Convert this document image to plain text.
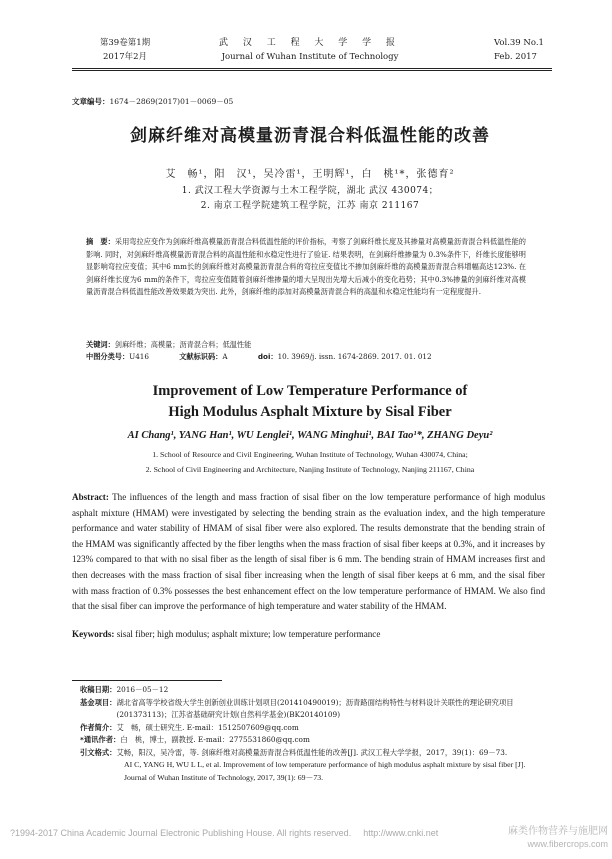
第39卷第1期
2017年2月
武 汉 工 程 大 学 学 报
Journal of Wuhan Institute of Technology
Vol.39 No.1
Feb. 2017
文章编号：1674－2869(2017)01－0069－05
剑麻纤维对高模量沥青混合料低温性能的改善
艾　畅¹，阳　汉¹，吴冷雷¹，王明辉¹，白　桃¹*，张德育²
1. 武汉工程大学资源与土木工程学院，湖北 武汉 430074；
2. 南京工程学院建筑工程学院，江苏 南京 211167
摘　要：采用弯拉应变作为剑麻纤维高模量沥青混合料低温性能的评价指标，考察了剑麻纤维长度及其掺量对高模量沥青混合料低温性能的影响. 同时，对剑麻纤维高模量沥青混合料的高温性能和水稳定性进行了验证. 结果表明，在剑麻纤维掺量为 0.3%条件下，纤维长度能够明显影响弯拉应变值；其中6 mm长的剑麻纤维对高模量沥青混合料的弯拉应变值比不掺加剑麻纤维的高模量沥青混合料增幅高达123%. 在剑麻纤维长度为6 mm的条件下，弯拉应变值随着剑麻纤维掺量的增大呈现出先增大后减小的变化趋势；其中0.3%掺量的剑麻纤维对高模量沥青混合料低温性能改善效果最为突出. 此外，剑麻纤维的添加对高模量沥青混合料的高温和水稳定性能均有一定程度提升.
关键词：剑麻纤维；高模量；沥青混合料；低温性能
中图分类号：U416	文献标识码：A	doi：10. 3969/j. issn. 1674-2869. 2017. 01. 012
Improvement of Low Temperature Performance of
High Modulus Asphalt Mixture by Sisal Fiber
AI Chang¹, YANG Han¹, WU Lenglei¹, WANG Minghui¹, BAI Tao¹*, ZHANG Deyu²
1. School of Resource and Civil Engineering, Wuhan Institute of Technology, Wuhan 430074, China;
2. School of Civil Engineering and Architecture, Nanjing Institute of Technology, Nanjing 211167, China
Abstract: The influences of the length and mass fraction of sisal fiber on the low temperature performance of high modulus asphalt mixture (HMAM) were investigated by selecting the bending strain as the evaluation index, and the high temperature performance and water stability of HMAM of sisal fiber were also explored. The results demonstrate that the bending strain of the HMAM was significantly affected by the fiber lengths when the mass fraction of sisal fiber keeps at 0.3%, and it increases by 123% compared to that with no sisal fiber as the length of sisal fiber is 6 mm. The bending strain of HMAM increases first and then decreases with the mass fraction of sisal fiber increasing when the length of sisal fiber keeps at 6 mm, and the sisal fiber with mass fraction of 0.3% possesses the best enhancement effect on the low temperature performance of HMAM. We also find that the sisal fiber can improve the performance of high temperature and water stability of the HMAM.
Keywords: sisal fiber; high modulus; asphalt mixture; low temperature performance
收稿日期： 2016－05－12
基金项目： 湖北省高等学校省级大学生创新创业训练计划项目(201410490019)；沥青路面结构特性与材料设计关联性的理论研究项目(201373113)；江苏省基础研究计划(自然科学基金)(BK20140109)
作者简介： 艾　畅，硕士研究生. E-mail：1512507609@qq.com
*通讯作者： 白　桃，博士，副教授. E-mail：2775531860@qq.com
引文格式： 艾畅，阳汉，吴冷雷，等. 剑麻纤维对高模量沥青混合料低温性能的改善[J]. 武汉工程大学学报，2017，39(1)：69－73.
AI C, YANG H, WU L L, et al. Improvement of low temperature performance of high modulus asphalt mixture by sisal fiber [J]. Journal of Wuhan Institute of Technology, 2017, 39(1): 69－73.
?1994-2017 China Academic Journal Electronic Publishing House. All rights reserved. http://www.cnki.net	麻类作物营养与施肥网
www.fibercrops.com
